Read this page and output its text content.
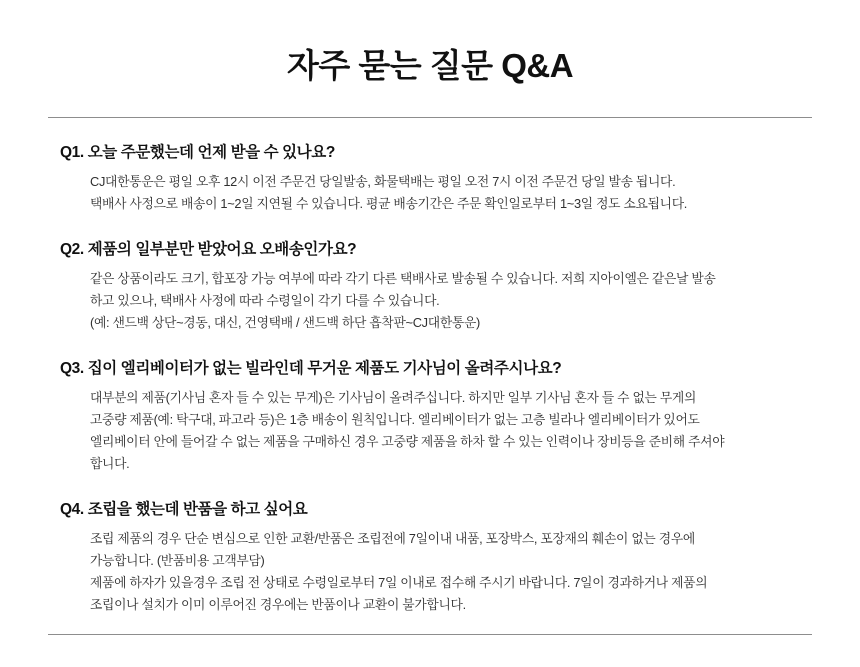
자주 묻는 질문 Q&A

Q1. 오늘 주문했는데 언제 받을 수 있나요?

CJ대한통운은 평일 오후 12시 이전 주문건 당일발송, 화물택배는 평일 오전 7시 이전 주문건 당일 발송 됩니다.
택배사 사정으로 배송이 1~2일 지연될 수 있습니다. 평균 배송기간은 주문 확인일로부터 1~3일 정도 소요됩니다.

Q2. 제품의 일부분만 받았어요 오배송인가요?

같은 상품이라도 크기, 합포장 가능 여부에 따라 각기 다른 택배사로 발송될 수 있습니다. 저희 지아이엘은 같은날 발송
하고 있으나, 택배사 사정에 따라 수령일이 각기 다를 수 있습니다.
(예: 샌드백 상단~경동, 대신, 건영택배 / 샌드백 하단 흡착판~CJ대한통운)

Q3. 집이 엘리베이터가 없는 빌라인데 무거운 제품도 기사님이 올려주시나요?

대부분의 제품(기사님 혼자 들 수 있는 무게)은 기사님이 올려주십니다. 하지만 일부 기사님 혼자 들 수 없는 무게의
고중량 제품(예: 탁구대, 파고라 등)은 1층 배송이 원칙입니다. 엘리베이터가 없는 고층 빌라나 엘리베이터가 있어도
엘리베이터 안에 들어갈 수 없는 제품을 구매하신 경우 고중량 제품을 하차 할 수 있는 인력이나 장비등을 준비해 주셔야
합니다.

Q4. 조립을 했는데 반품을 하고 싶어요

조립 제품의 경우 단순 변심으로 인한 교환/반품은 조립전에 7일이내 내품, 포장박스, 포장재의 훼손이 없는 경우에
가능합니다. (반품비용 고객부담)
제품에 하자가 있을경우 조립 전 상태로 수령일로부터 7일 이내로 접수해 주시기 바랍니다. 7일이 경과하거나 제품의
조립이나 설치가 이미 이루어진 경우에는 반품이나 교환이 불가합니다.
